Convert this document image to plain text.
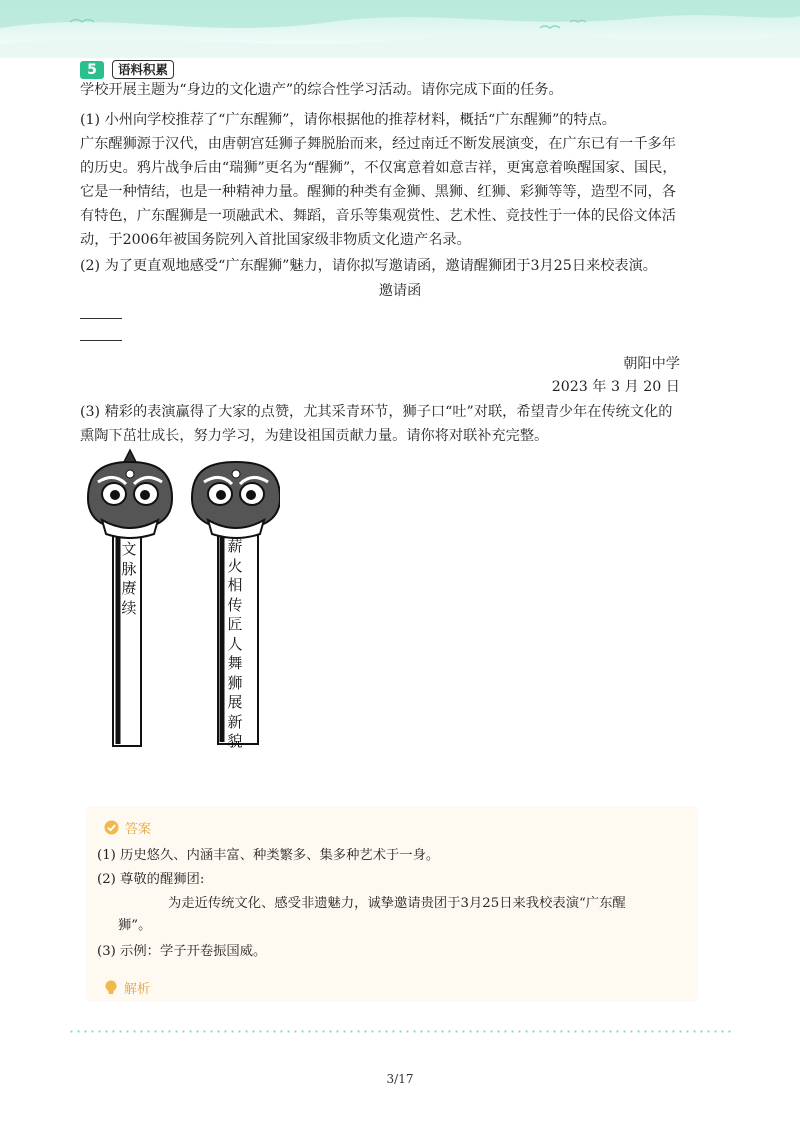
5	语料积累
学校开展主题为“身边的文化遗产”的综合性学习活动。请你完成下面的任务。
(1) 小州向学校推荐了“广东醒狮”，请你根据他的推荐材料，概括“广东醒狮”的特点。
广东醒狮源于汉代，由唐朝宫廷狮子舞脱胎而来，经过南迁不断发展演变，在广东已有一千多年
的历史。鸦片战争后由“瑞狮”更名为“醒狮”，不仅寓意着如意吉祥，更寓意着唤醒国家、国民，
它是一种情结，也是一种精神力量。醒狮的种类有金狮、黑狮、红狮、彩狮等等，造型不同，各
有特色，广东醒狮是一项融武术、舞蹈，音乐等集观赏性、艺术性、竞技性于一体的民俗文体活
动，于2006年被国务院列入首批国家级非物质文化遗产名录。
(2) 为了更直观地感受“广东醒狮”魅力，请你拟写邀请函，邀请醒狮团于3月25日来校表演。
邀请函
朝阳中学
2023 年 3 月 20 日
(3) 精彩的表演赢得了大家的点赞，尤其采青环节，狮子口“吐”对联，希望青少年在传统文化的
熏陶下茁壮成长，努力学习，为建设祖国贡献力量。请你将对联补充完整。
文
脉
赓
续
薪
火
相
传
匠
人
舞
狮
展
新
貌
答案
(1) 历史悠久、内涵丰富、种类繁多、集多种艺术于一身。
(2) 尊敬的醒狮团:
为走近传统文化、感受非遗魅力，诚挚邀请贵团于3月25日来我校表演“广东醒
狮”。
(3) 示例：学子开卷振国威。
解析
3/17
